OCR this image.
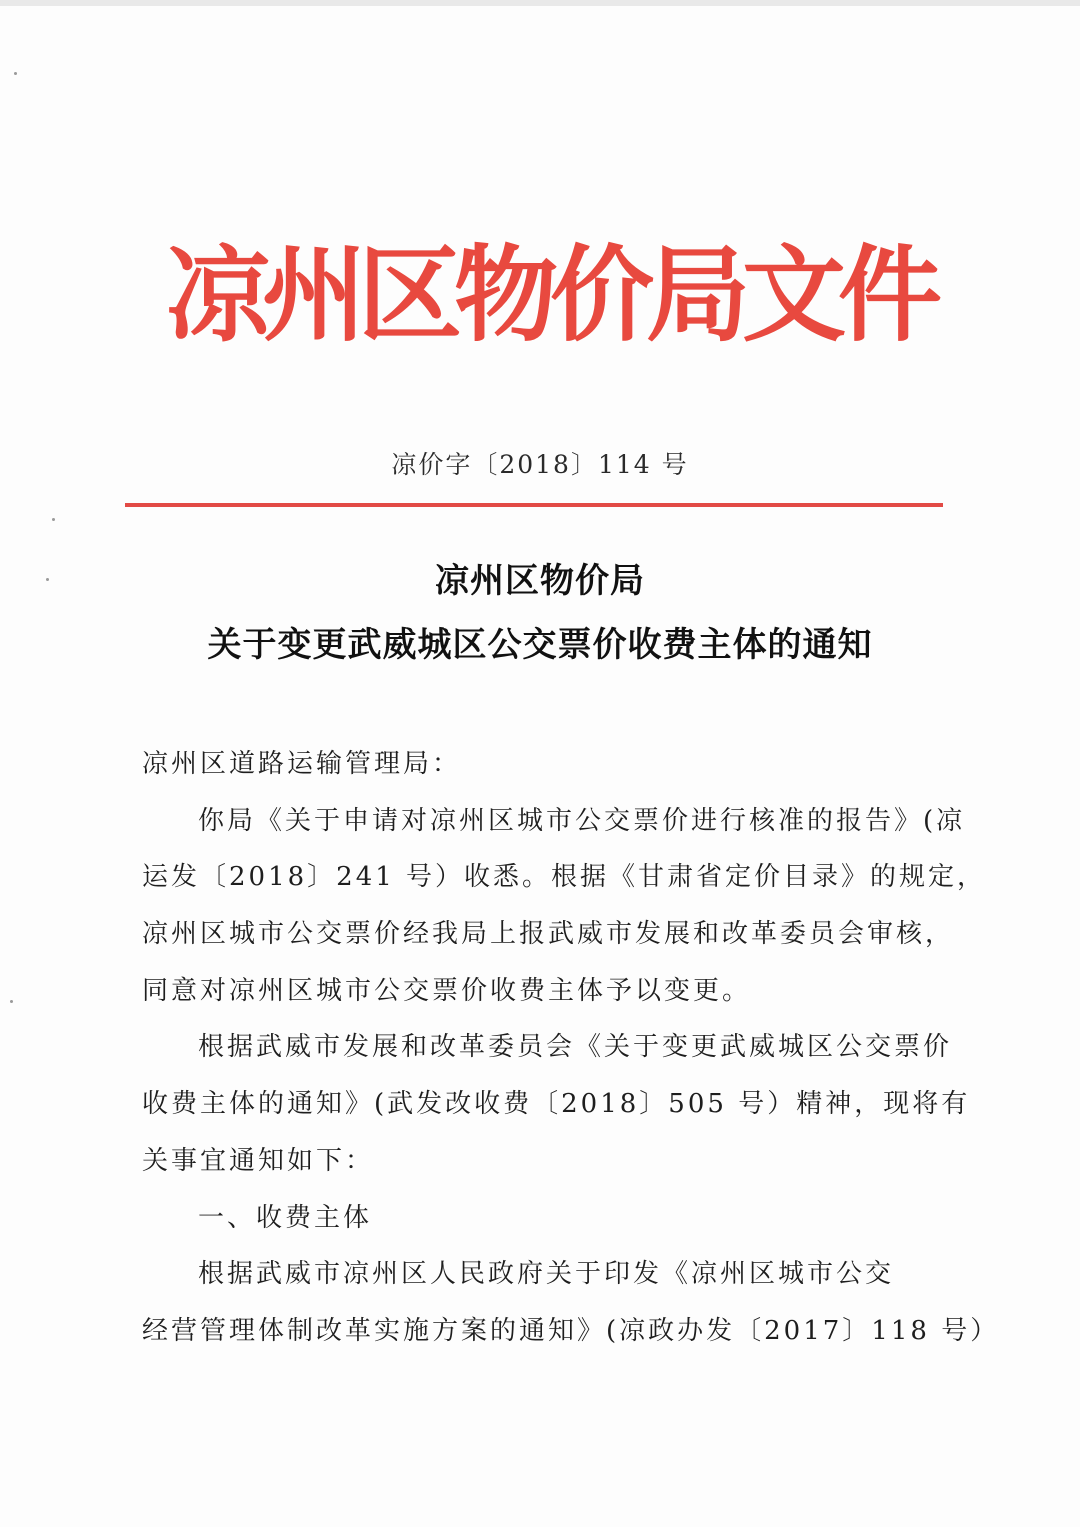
凉州区物价局文件
凉价字〔2018〕114 号
凉州区物价局
关于变更武威城区公交票价收费主体的通知
凉州区道路运输管理局：
你局《关于申请对凉州区城市公交票价进行核准的报告》(凉
运发〔2018〕241 号）收悉。根据《甘肃省定价目录》的规定，
凉州区城市公交票价经我局上报武威市发展和改革委员会审核，
同意对凉州区城市公交票价收费主体予以变更。
根据武威市发展和改革委员会《关于变更武威城区公交票价
收费主体的通知》(武发改收费〔2018〕505 号）精神，现将有
关事宜通知如下：
一、收费主体
根据武威市凉州区人民政府关于印发《凉州区城市公交
经营管理体制改革实施方案的通知》(凉政办发〔2017〕118 号）
